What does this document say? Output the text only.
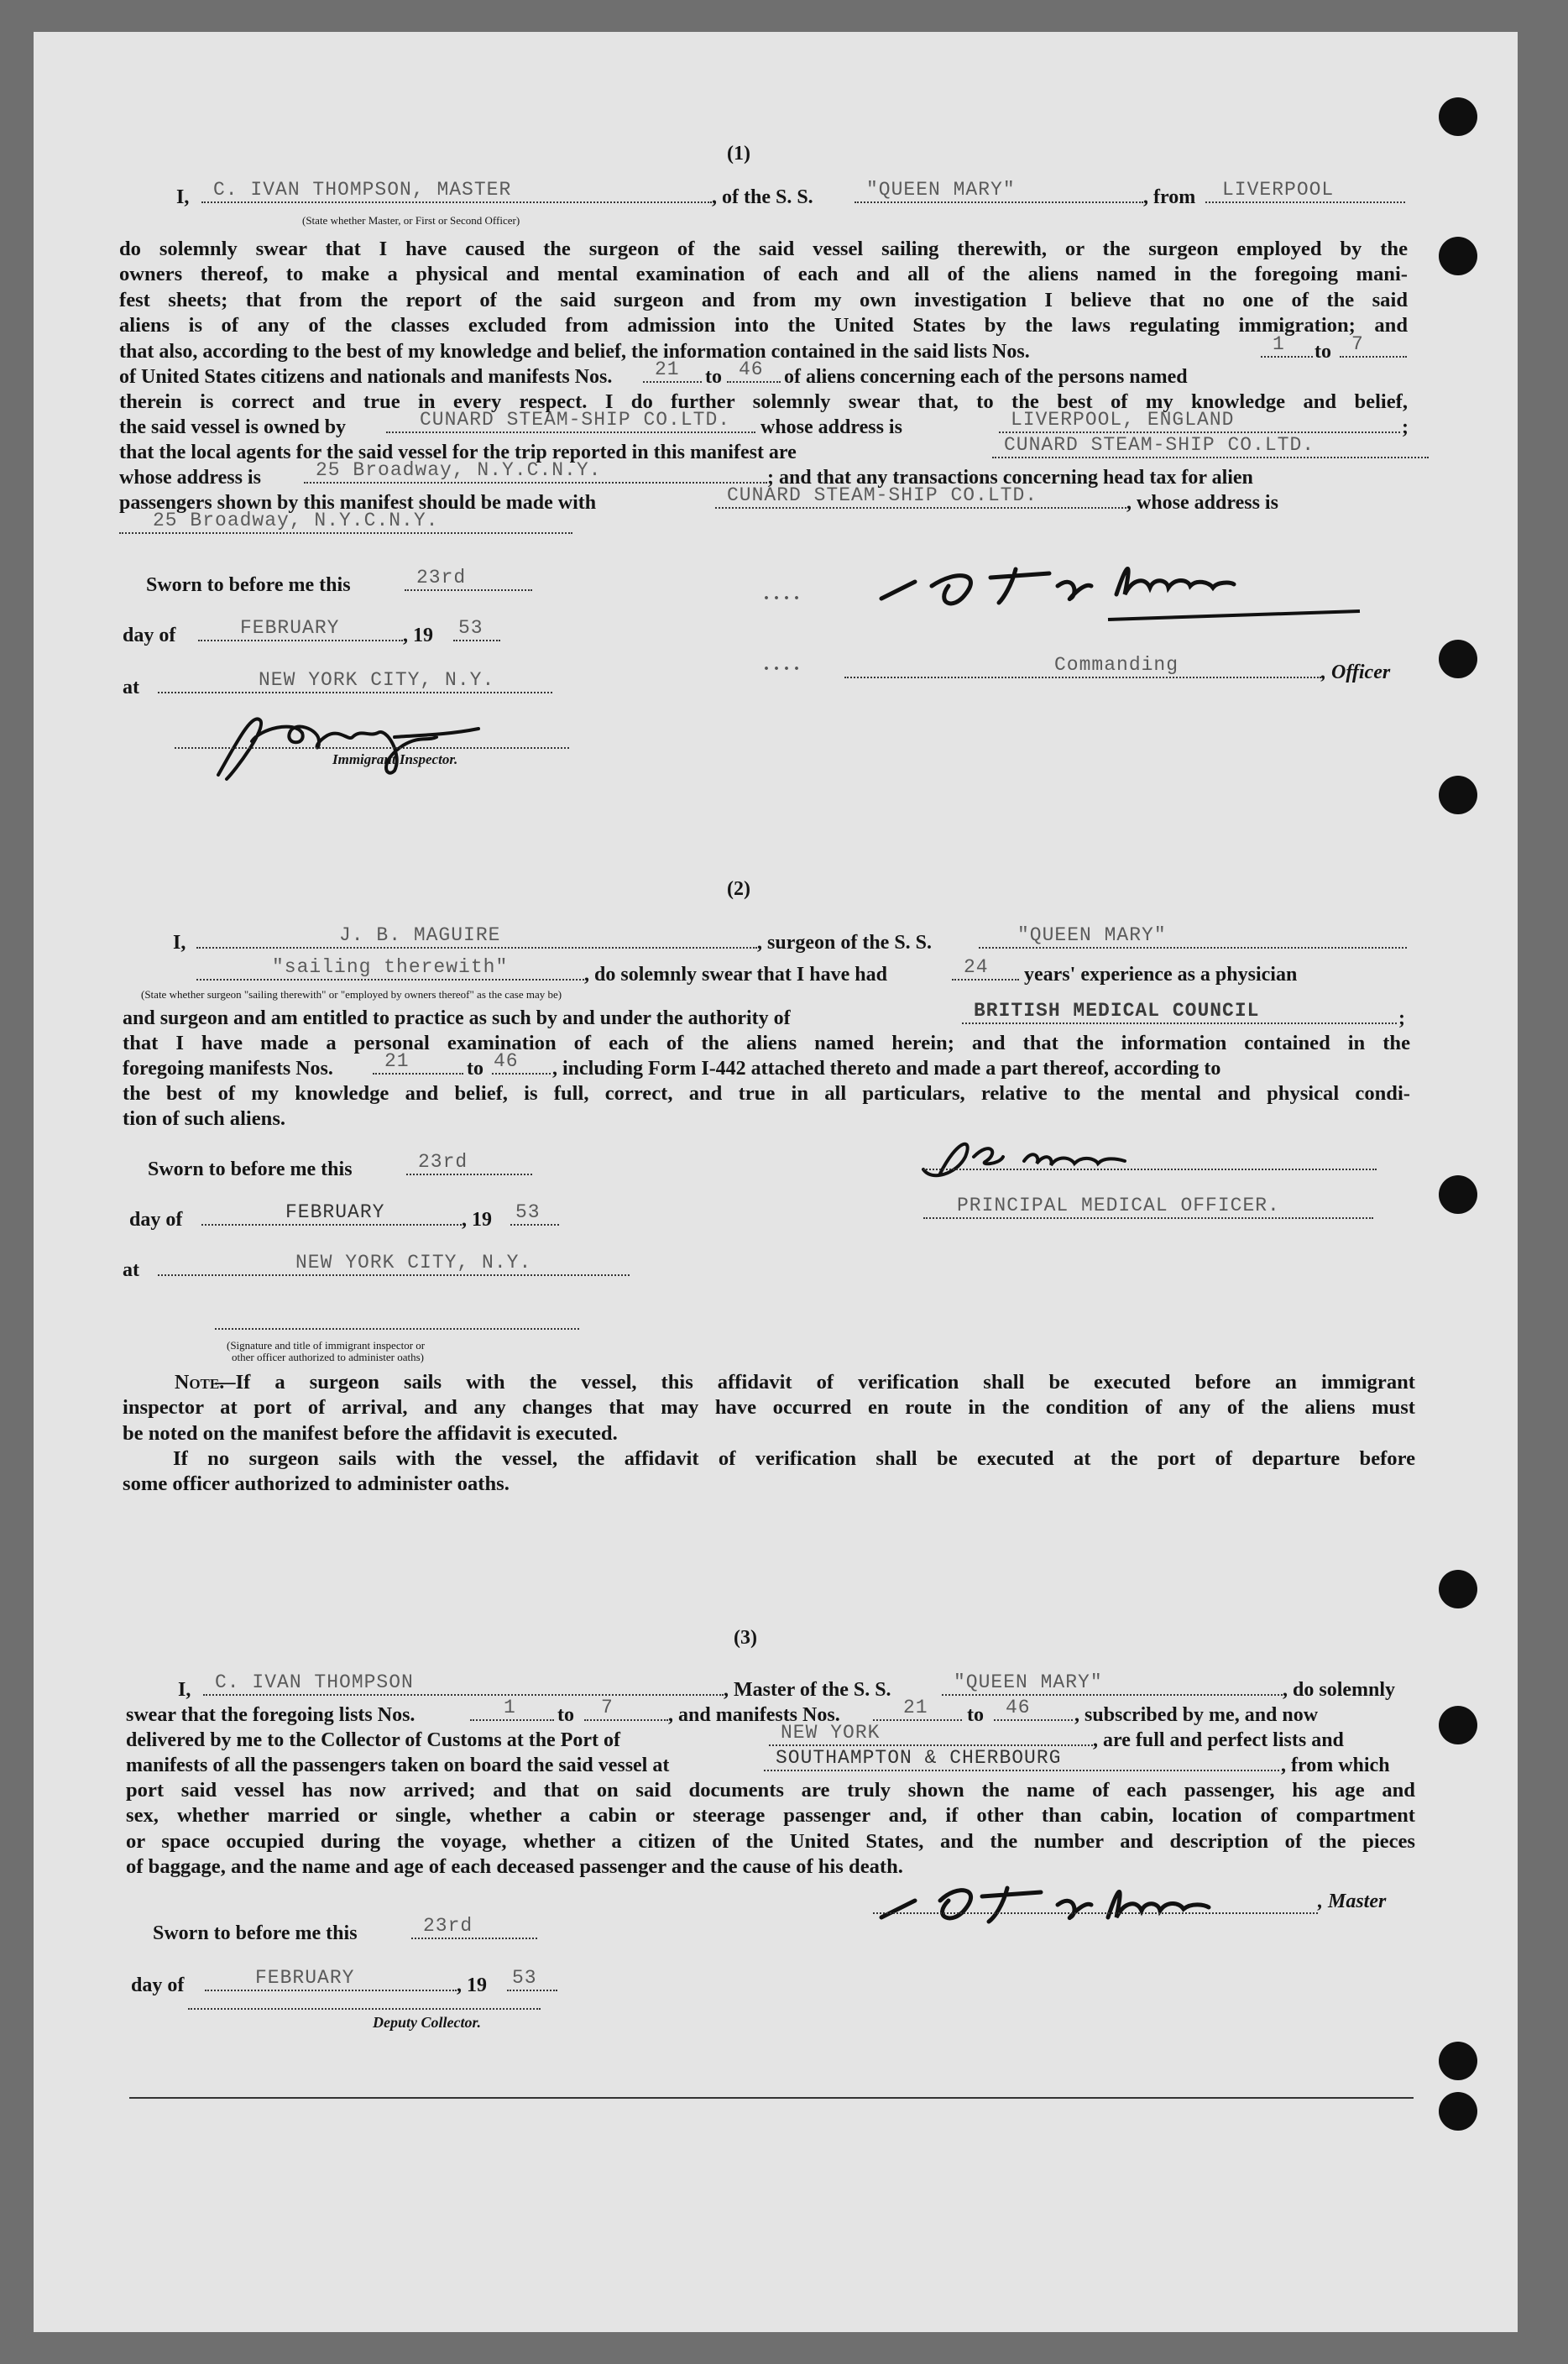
(1)
I,	C. IVAN THOMPSON, MASTER	, of the S. S.	"QUEEN MARY"	, from	LIVERPOOL
(State whether Master, or First or Second Officer)
do solemnly swear that I have caused the surgeon of the said vessel sailing therewith, or the surgeon employed by the
owners thereof, to make a physical and mental examination of each and all of the aliens named in the foregoing mani-
fest sheets; that from the report of the said surgeon and from my own investigation I believe that no one of the said
aliens is of any of the classes excluded from admission into the United States by the laws regulating immigration; and
that also, according to the best of my knowledge and belief, the information contained in the said lists Nos.	1 to	7
of United States citizens and nationals and manifests Nos.	21 to 46 of aliens concerning each of the persons named
therein is correct and true in every respect. I do further solemnly swear that, to the best of my knowledge and belief,
the said vessel is owned by	CUNARD STEAM-SHIP CO.LTD. whose address is	LIVERPOOL, ENGLAND	;
that the local agents for the said vessel for the trip reported in this manifest are	CUNARD STEAM-SHIP CO.LTD.
whose address is	25 Broadway, N.Y.C.N.Y.	; and that any transactions concerning head tax for alien
passengers shown by this manifest should be made with	CUNARD STEAM-SHIP CO.LTD.	, whose address is
25 Broadway, N.Y.C.N.Y.
Sworn to before me this	23rd
day of	FEBRUARY	, 19 53
at	NEW YORK CITY, N.Y.
Immigrant Inspector.
. . . .
. . . .	Commanding	, Officer
(2)
I,	J. B. MAGUIRE	, surgeon of the S. S.	"QUEEN MARY"
"sailing therewith"	, do solemnly swear that I have had	24 years' experience as a physician
(State whether surgeon "sailing therewith" or "employed by owners thereof" as the case may be)
and surgeon and am entitled to practice as such by and under the authority of	BRITISH MEDICAL COUNCIL	;
that I have made a personal examination of each of the aliens named herein; and that the information contained in the
foregoing manifests Nos.	21	to 46 , including Form I-442 attached thereto and made a part thereof, according to
the best of my knowledge and belief, is full, correct, and true in all particulars, relative to the mental and physical condi-
tion of such aliens.
Sworn to before me this	23rd
day of	FEBRUARY	, 19 53
at	NEW YORK CITY, N.Y.
PRINCIPAL MEDICAL OFFICER.
(Signature and title of immigrant inspector or
other officer authorized to administer oaths)
Note.
—If a surgeon sails with the vessel, this affidavit of verification shall be executed before an immigrant
inspector at port of arrival, and any changes that may have occurred en route in the condition of any of the aliens must
be noted on the manifest before the affidavit is executed.
If no surgeon sails with the vessel, the affidavit of verification shall be executed at the port of departure before
some officer authorized to administer oaths.
(3)
I,	C. IVAN THOMPSON	, Master of the S. S.	"QUEEN MARY"	, do solemnly
swear that the foregoing lists Nos.	1 to	7	, and manifests Nos.	21 to	46 , subscribed by me, and now
delivered by me to the Collector of Customs at the Port of	NEW YORK	, are full and perfect lists and
manifests of all the passengers taken on board the said vessel at	SOUTHAMPTON & CHERBOURG	, from which
port said vessel has now arrived; and that on said documents are truly shown the name of each passenger, his age and
sex, whether married or single, whether a cabin or steerage passenger and, if other than cabin, location of compartment
or space occupied during the voyage, whether a citizen of the United States, and the number and description of the pieces
of baggage, and the name and age of each deceased passenger and the cause of his death.
Sworn to before me this	23rd
day of	FEBRUARY	, 19 53
Deputy Collector.
, Master
